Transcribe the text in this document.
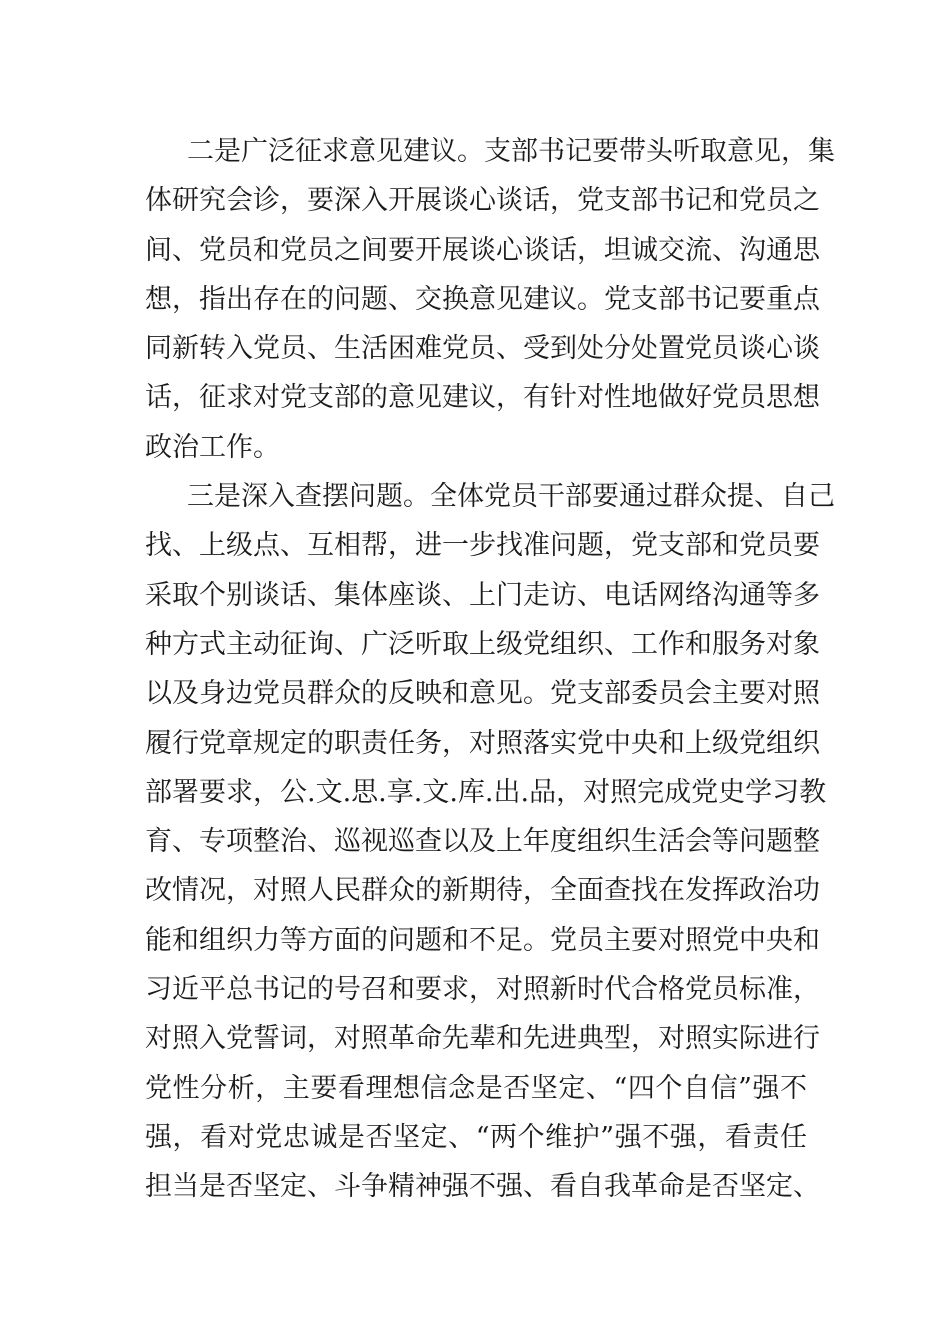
二是广泛征求意见建议。支部书记要带头听取意见，集
体研究会诊，要深入开展谈心谈话，党支部书记和党员之
间、党员和党员之间要开展谈心谈话，坦诚交流、沟通思
想，指出存在的问题、交换意见建议。党支部书记要重点
同新转入党员、生活困难党员、受到处分处置党员谈心谈
话，征求对党支部的意见建议，有针对性地做好党员思想
政治工作。
三是深入查摆问题。全体党员干部要通过群众提、自己
找、上级点、互相帮，进一步找准问题，党支部和党员要
采取个别谈话、集体座谈、上门走访、电话网络沟通等多
种方式主动征询、广泛听取上级党组织、工作和服务对象
以及身边党员群众的反映和意见。党支部委员会主要对照
履行党章规定的职责任务，对照落实党中央和上级党组织
部署要求，公.文.思.享.文.库.出.品，对照完成党史学习教
育、专项整治、巡视巡查以及上年度组织生活会等问题整
改情况，对照人民群众的新期待，全面查找在发挥政治功
能和组织力等方面的问题和不足。党员主要对照党中央和
习近平总书记的号召和要求，对照新时代合格党员标准，
对照入党誓词，对照革命先辈和先进典型，对照实际进行
党性分析，主要看理想信念是否坚定、“四个自信”强不
强，看对党忠诚是否坚定、“两个维护”强不强，看责任
担当是否坚定、斗争精神强不强、看自我革命是否坚定、
